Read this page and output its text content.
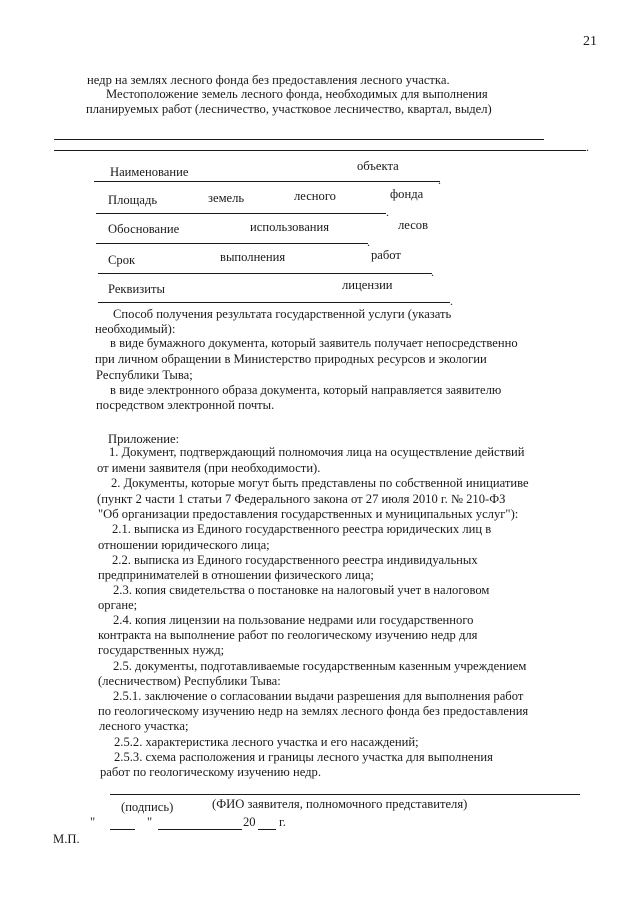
21
недр на землях лесного фонда без предоставления лесного участка.
Местоположение земель лесного фонда, необходимых для выполнения
планируемых работ (лесничество, участковое лесничество, квартал, выдел)
.
Наименование	объекта
.
Площадь	земель	лесного	фонда
.
Обоснование	использования	лесов
.
Срок	выполнения	работ
.
Реквизиты	лицензии
.
Способ получения результата государственной услуги (указать
необходимый):
в виде бумажного документа, который заявитель получает непосредственно
при личном обращении в Министерство природных ресурсов и экологии
Республики Тыва;
в виде электронного образа документа, который направляется заявителю
посредством электронной почты.
Приложение:
1. Документ, подтверждающий полномочия лица на осуществление действий
от имени заявителя (при необходимости).
2. Документы, которые могут быть представлены по собственной инициативе
(пункт 2 части 1 статьи 7 Федерального закона от 27 июля 2010 г. № 210-ФЗ
"Об организации предоставления государственных и муниципальных услуг"):
2.1. выписка из Единого государственного реестра юридических лиц в
отношении юридического лица;
2.2. выписка из Единого государственного реестра индивидуальных
предпринимателей в отношении физического лица;
2.3. копия свидетельства о постановке на налоговый учет в налоговом
органе;
2.4. копия лицензии на пользование недрами или государственного
контракта на выполнение работ по геологическому изучению недр для
государственных нужд;
2.5. документы, подготавливаемые государственным казенным учреждением
(лесничеством) Республики Тыва:
2.5.1. заключение о согласовании выдачи разрешения для выполнения работ
по геологическому изучению недр на землях лесного фонда без предоставления
лесного участка;
2.5.2. характеристика лесного участка и его насаждений;
2.5.3. схема расположения и границы лесного участка для выполнения
работ по геологическому изучению недр.
(подпись)	(ФИО заявителя, полномочного представителя)
"	"	20 г.
М.П.
